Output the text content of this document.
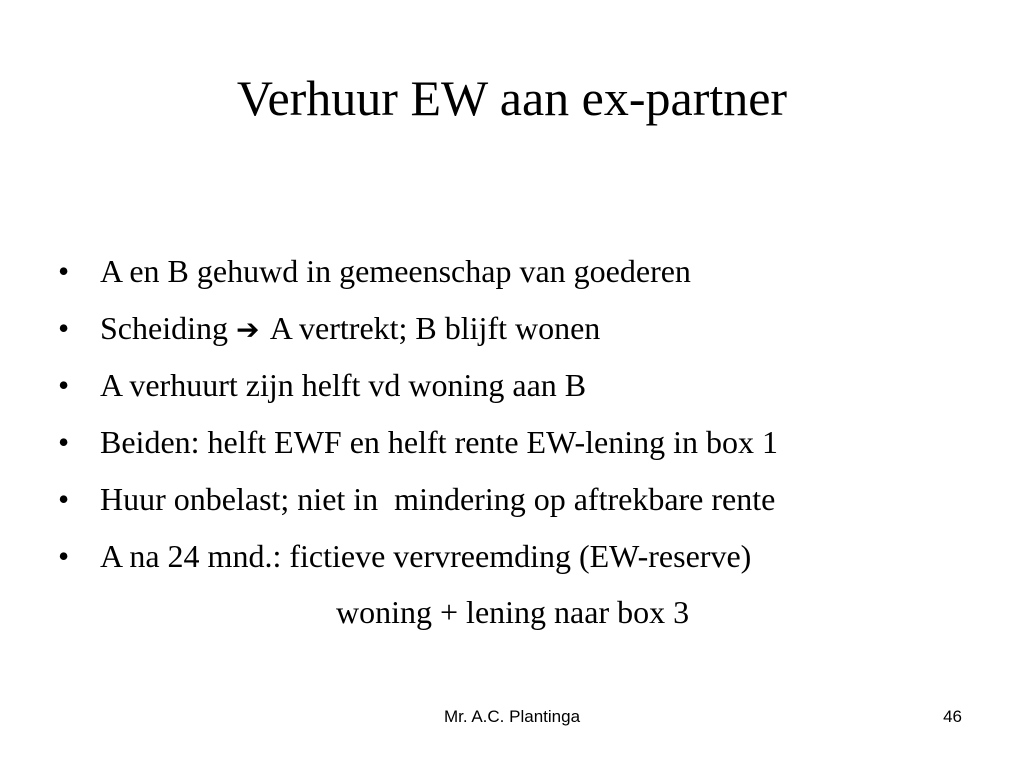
Verhuur EW aan ex-partner
• A en B gehuwd in gemeenschap van goederen
• Scheiding ➔ A vertrekt; B blijft wonen
• A verhuurt zijn helft vd woning aan B
• Beiden: helft EWF en helft rente EW-lening in box 1
• Huur onbelast; niet in  mindering op aftrekbare rente
• A na 24 mnd.: fictieve vervreemding (EW-reserve)
woning + lening naar box 3
Mr. A.C. Plantinga	46
